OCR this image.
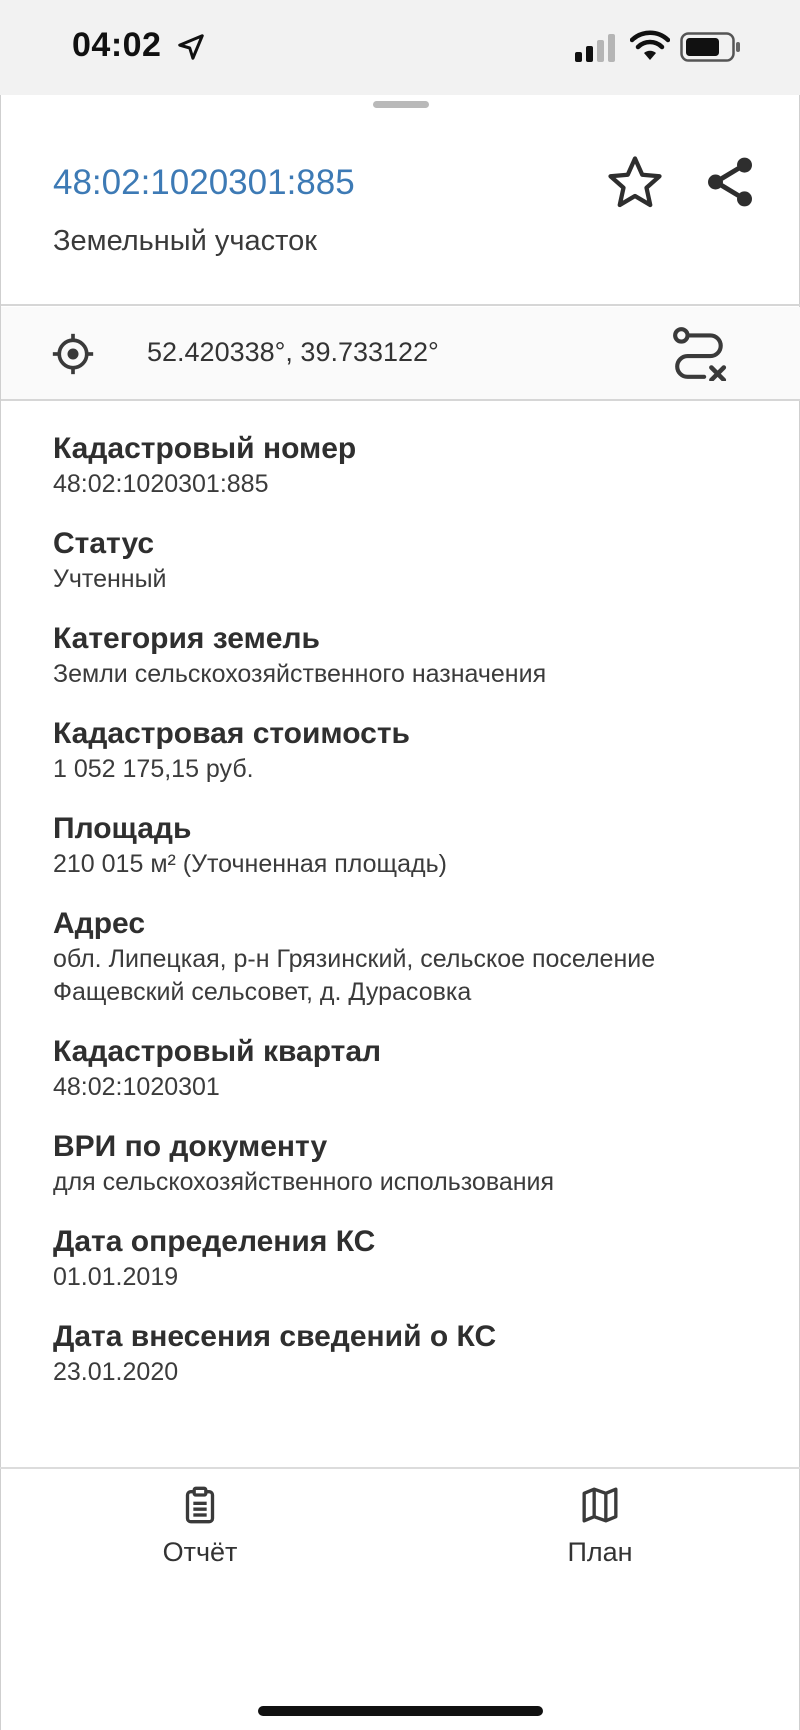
04:02
48:02:1020301:885
Земельный участок
52.420338°, 39.733122°
Кадастровый номер
48:02:1020301:885
Статус
Учтенный
Категория земель
Земли сельскохозяйственного назначения
Кадастровая стоимость
1 052 175,15 руб.
Площадь
210 015 м² (Уточненная площадь)
Адрес
обл. Липецкая, р-н Грязинский, сельское поселение Фащевский сельсовет, д. Дурасовка
Кадастровый квартал
48:02:1020301
ВРИ по документу
для сельскохозяйственного использования
Дата определения КС
01.01.2019
Дата внесения сведений о КС
23.01.2020
Отчёт	План
